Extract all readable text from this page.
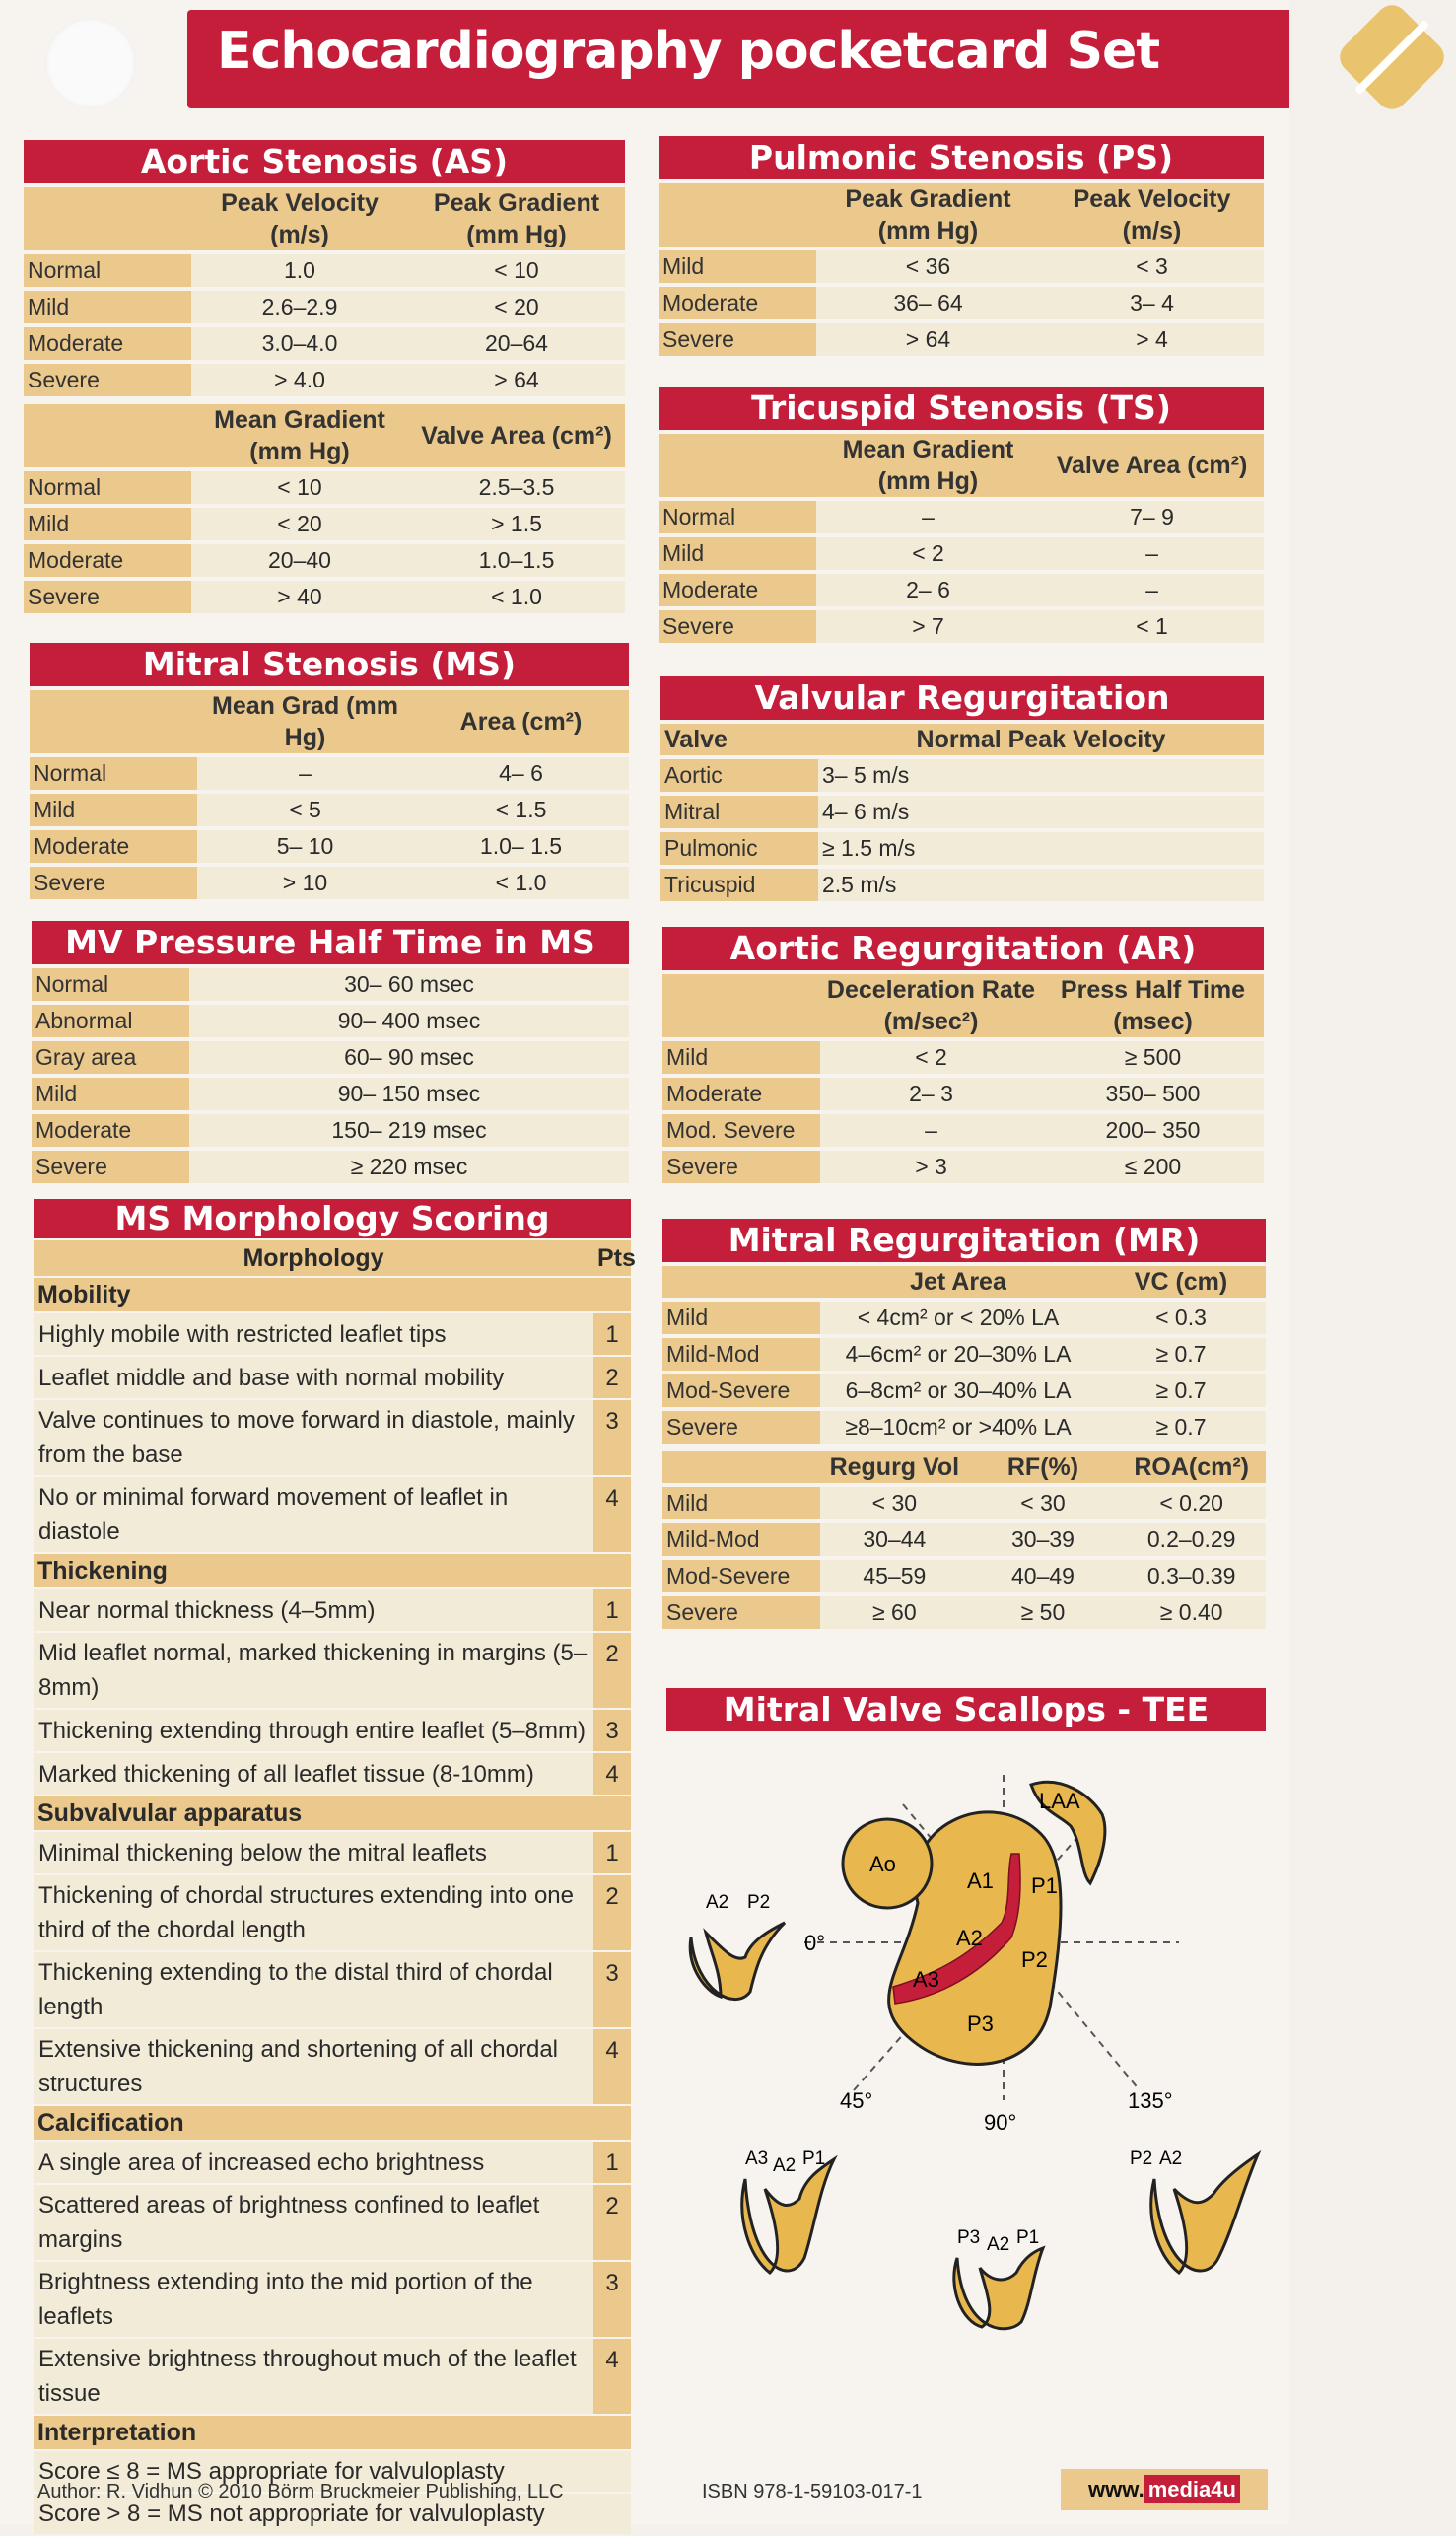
Echocardiography pocketcard Set
Aortic Stenosis (AS)
	Peak Velocity (m/s)	Peak Gradient (mm Hg)
Normal	1.0	< 10
Mild	2.6–2.9	< 20
Moderate	3.0–4.0	20–64
Severe	> 4.0	> 64
	Mean Gradient (mm Hg)	Valve Area (cm²)
Normal	< 10	2.5–3.5
Mild	< 20	> 1.5
Moderate	20–40	1.0–1.5
Severe	> 40	< 1.0
Mitral Stenosis (MS)
	Mean Grad (mm Hg)	Area (cm²)
Normal	–	4– 6
Mild	< 5	< 1.5
Moderate	5– 10	1.0– 1.5
Severe	> 10	< 1.0
MV Pressure Half Time in MS
Normal	30– 60 msec
Abnormal	90– 400 msec
Gray area	60– 90 msec
Mild	90– 150 msec
Moderate	150– 219 msec
Severe	≥ 220 msec
MS Morphology Scoring
Morphology	Pts
Mobility	
Highly mobile with restricted leaflet tips	1
Leaflet middle and base with normal mobility	2
Valve continues to move forward in diastole, mainly from the base	3
No or minimal forward movement of leaflet in diastole	4
Thickening	
Near normal thickness (4–5mm)	1
Mid leaflet normal, marked thickening in margins (5–8mm)	2
Thickening extending through entire leaflet (5–8mm)	3
Marked thickening of all leaflet tissue (8-10mm)	4
Subvalvular apparatus	
Minimal thickening below the mitral leaflets	1
Thickening of chordal structures extending into one third of the chordal length	2
Thickening extending to the distal third of chordal length	3
Extensive thickening and shortening of all chordal structures	4
Calcification	
A single area of increased echo brightness	1
Scattered areas of brightness confined to leaflet margins	2
Brightness extending into the mid portion of the leaflets	3
Extensive brightness throughout much of the leaflet tissue	4
Interpretation	
Score ≤ 8 = MS appropriate for valvuloplasty	
Score > 8 = MS not appropriate for valvuloplasty	
Pulmonic Stenosis (PS)
	Peak Gradient (mm Hg)	Peak Velocity (m/s)
Mild	< 36	< 3
Moderate	36– 64	3– 4
Severe	> 64	> 4
Tricuspid Stenosis (TS)
	Mean Gradient (mm Hg)	Valve Area (cm²)
Normal	–	7– 9
Mild	< 2	–
Moderate	2– 6	–
Severe	> 7	< 1
Valvular Regurgitation
Valve	Normal Peak Velocity
Aortic	3– 5 m/s
Mitral	4– 6 m/s
Pulmonic	≥ 1.5 m/s
Tricuspid	2.5 m/s
Aortic Regurgitation (AR)
	Deceleration Rate (m/sec²)	Press Half Time (msec)
Mild	< 2	≥ 500
Moderate	2– 3	350– 500
Mod. Severe	–	200– 350
Severe	> 3	≤ 200
Mitral Regurgitation (MR)
	Jet Area	VC (cm)
Mild	< 4cm² or < 20% LA	< 0.3
Mild-Mod	4–6cm² or 20–30% LA	≥ 0.7
Mod-Severe	6–8cm² or 30–40% LA	≥ 0.7
Severe	≥8–10cm² or >40% LA	≥ 0.7
	Regurg Vol	RF(%)	ROA(cm²)
Mild	< 30	< 30	< 0.20
Mild-Mod	30–44	30–39	0.2–0.29
Mod-Severe	45–59	40–49	0.3–0.39
Severe	≥ 60	≥ 50	≥ 0.40
Mitral Valve Scallops - TEE
Ao
LAA
A1
A2
A3
P1
P2
P3
0°
45°
90°
135°
A2 P2
A3 A2 P1
P3 A2 P1
P2 A2
Author: R. Vidhun © 2010 Börm Bruckmeier Publishing, LLC	ISBN 978-1-59103-017-1	www. media4u
